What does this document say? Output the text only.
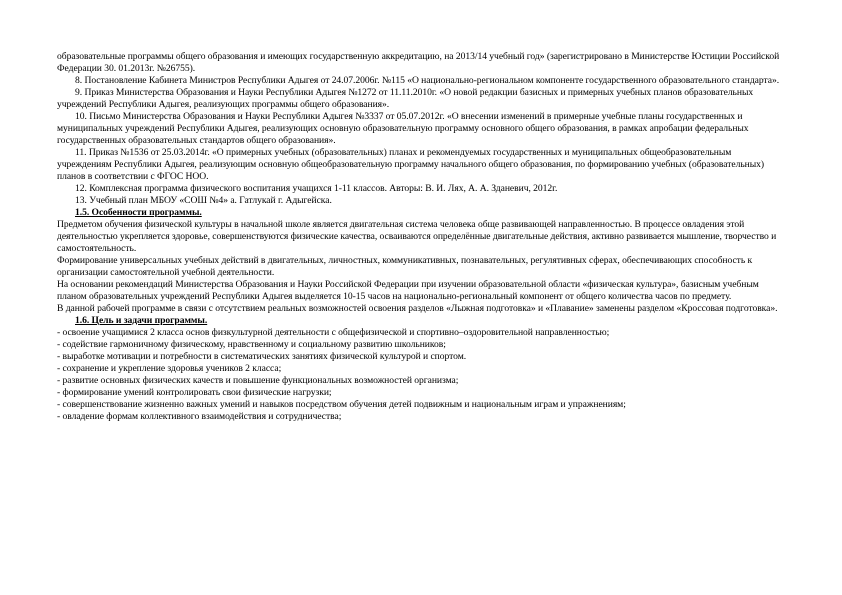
образовательные программы общего образования и имеющих государственную аккредитацию, на 2013/14 учебный год» (зарегистрировано в Министерстве Юстиции Российской Федерации 30. 01.2013г. №26755).

8. Постановление Кабинета Министров Республики Адыгея от 24.07.2006г. №115 «О национально-региональном компоненте государственного образовательного стандарта».

9. Приказ Министерства Образования и Науки Республики Адыгея №1272 от 11.11.2010г. «О новой редакции базисных и примерных учебных планов образовательных учреждений Республики Адыгея, реализующих программы общего образования».

10. Письмо Министерства Образования и Науки Республики Адыгея №3337 от 05.07.2012г. «О внесении изменений в примерные учебные планы государственных и муниципальных учреждений Республики Адыгея, реализующих основную образовательную программу основного общего образования, в рамках апробации федеральных государственных образовательных стандартов общего образования».

11. Приказ №1536 от 25.03.2014г. «О примерных учебных (образовательных) планах и рекомендуемых государственных и муниципальных общеобразовательным учреждениям Республики Адыгея, реализующим основную общеобразовательную программу начального общего образования, по формированию учебных (образовательных) планов в соответствии с ФГОС НОО.

12. Комплексная программа физического воспитания учащихся 1-11 классов. Авторы: В. И. Лях, А. А. Зданевич, 2012г.

13. Учебный план МБОУ «СОШ №4» а. Гатлукай г. Адыгейска.

1.5. Особенности программы.

Предметом обучения физической культуры в начальной школе является двигательная система человека обще развивающей направленностью. В процессе овладения этой деятельностью укрепляется здоровье, совершенствуются физические качества, осваиваются определённые двигательные действия, активно развивается мышление, творчество и самостоятельность.

Формирование универсальных учебных действий в двигательных, личностных, коммуникативных, познавательных, регулятивных сферах, обеспечивающих способность к организации самостоятельной учебной деятельности.

На основании рекомендаций Министерства Образования и Науки Российской Федерации при изучении образовательной области «физическая культура», базисным учебным планом образовательных учреждений Республики Адыгея выделяется 10-15 часов на национально-региональный компонент от общего количества часов по предмету.

В данной рабочей программе в связи с отсутствием реальных возможностей освоения разделов «Лыжная подготовка» и «Плавание» заменены разделом «Кроссовая подготовка».

1.6. Цель и задачи программы.

- освоение учащимися 2 класса основ физкультурной деятельности с общефизической и спортивно–оздоровительной направленностью;

- содействие гармоничному физическому, нравственному и социальному развитию школьников;

- выработке мотивации и потребности в систематических занятиях физической культурой и спортом.

- сохранение и укрепление здоровья учеников 2 класса;

- развитие основных физических качеств и повышение функциональных возможностей организма;

- формирование умений контролировать свои физические нагрузки;

- совершенствование жизненно важных умений и навыков посредством обучения детей подвижным и национальным играм и упражнениям;

- овладение формам коллективного взаимодействия и сотрудничества;
